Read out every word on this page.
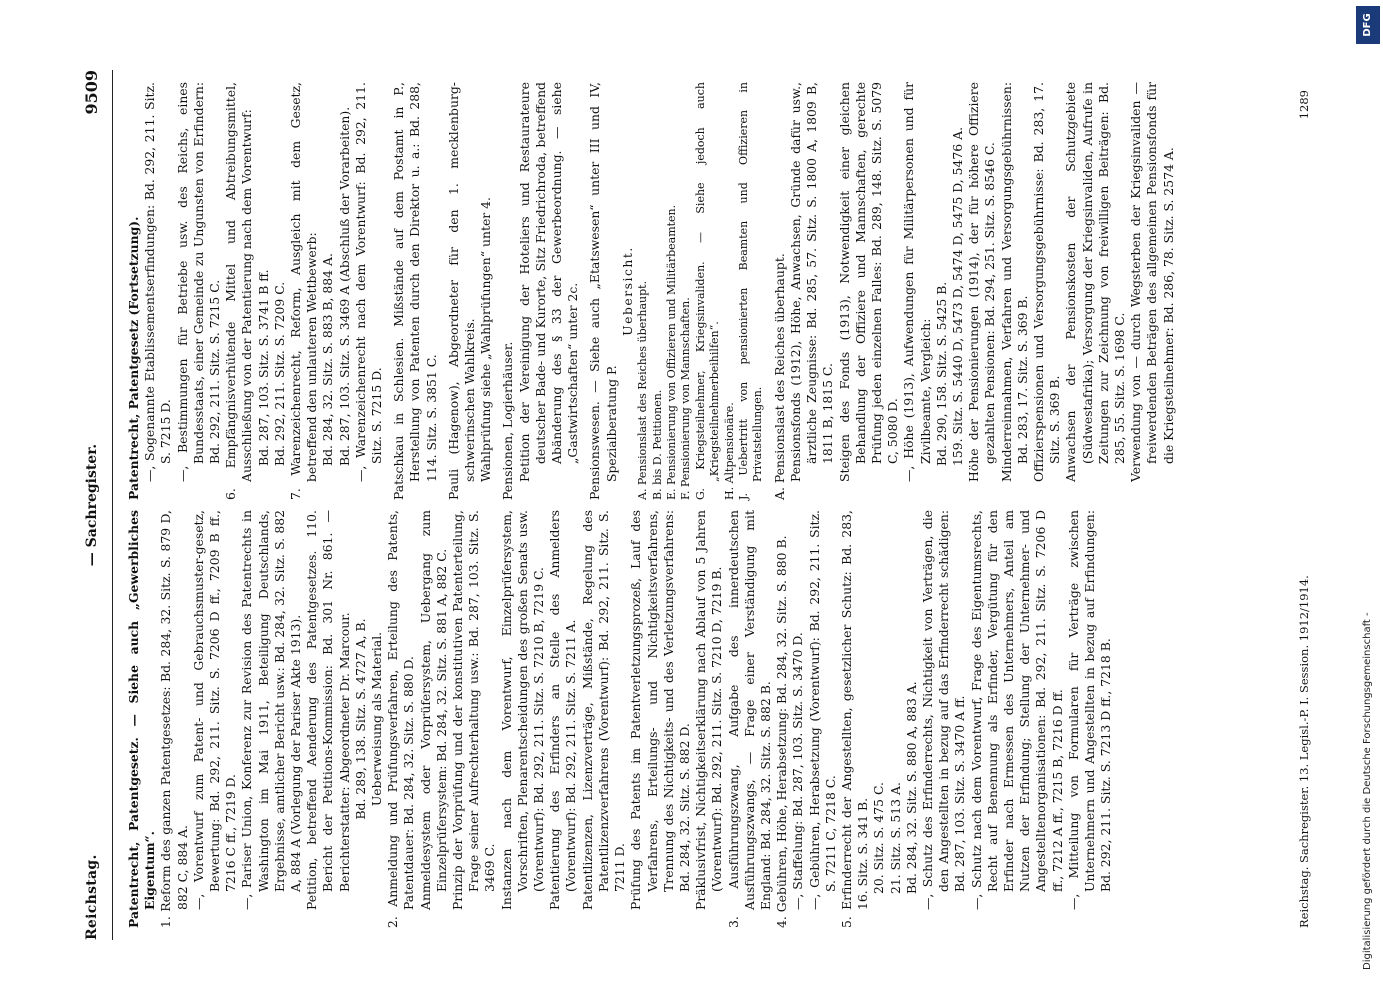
Reichstag.
— Sachregister.
9509

Patentrecht, Patentgesetz. — Siehe auch „Gewerbliches Eigentum“. 1. Reform des ganzen Patentgesetzes: Bd. 284, 32. Sitz. S. 879 D, 882 C, 884 A. —, Vorentwurf zum Patent- und Gebrauchsmuster-gesetz, Bewertung: Bd. 292, 211. Sitz. S. 7206 D ff., 7209 B ff., 7216 C ff., 7219 D. —, Pariser Union, Konferenz zur Revision des Patentrechts in Washington im Mai 1911, Beteiligung Deutschlands, Ergebnisse, amtlicher Bericht usw.: Bd. 284, 32. Sitz. S. 882 A, 884 A (Vorlegung der Pariser Akte 1913). Petition, betreffend Aenderung des Patentgesetzes. 110. Bericht der Petitions-Kommission: Bd. 301 Nr. 861. — Berichterstatter: Abgeordneter Dr. Marcour. Bd. 289, 138. Sitz. S. 4727 A, B. Ueberweisung als Material. 2. Anmeldung und Prüfungsverfahren, Erteilung des Patents, Patentdauer: Bd. 284, 32. Sitz. S. 880 D. Anmeldesystem oder Vorprüfersystem, Uebergang zum Einzelprüfersystem: Bd. 284, 32. Sitz. S. 881 A, 882 C. Prinzip der Vorprüfung und der konstitutiven Patenterteilung, Frage seiner Aufrechterhaltung usw.: Bd. 287, 103. Sitz. S. 3469 C. Instanzen nach dem Vorentwurf, Einzelprüfersystem, Vorschriften, Plenarentscheidungen des großen Senats usw. (Vorentwurf): Bd. 292, 211. Sitz. S. 7210 B, 7219 C. Patentierung des Erfinders an Stelle des Anmelders (Vorentwurf): Bd. 292, 211. Sitz. S. 7211 A. Patentlizenzen, Lizenzverträge, Mißstände, Regelung des Patentlizenzverfahrens (Vorentwurf): Bd. 292, 211. Sitz. S. 7211 D. Prüfung des Patents im Patentverletzungsprozeß, Lauf des Verfahrens, Erteilungs- und Nichtigkeitsverfahrens, Trennung des Nichtigkeits- und des Verletzungsverfahrens: Bd. 284, 32. Sitz. S. 882 D. Präklusivfrist, Nichtigkeitserklärung nach Ablauf von 5 Jahren (Vorentwurf): Bd. 292, 211. Sitz. S. 7210 D, 7219 B. 3. Ausführungszwang, Aufgabe des innerdeutschen Ausführungszwangs, — Frage einer Verständigung mit England: Bd. 284, 32. Sitz. S. 882 B. 4. Gebühren, Höhe, Herabsetzung: Bd. 284, 32. Sitz. S. 880 B. —, Staffelung: Bd. 287, 103. Sitz. S. 3470 D. —, Gebühren, Herabsetzung (Vorentwurf): Bd. 292, 211. Sitz. S. 7211 C, 7218 C. 5. Erfinderrecht der Angestellten, gesetzlicher Schutz: Bd. 283, 16. Sitz. S. 341 B. 20. Sitz. S. 475 C. 21. Sitz. S. 513 A. Bd. 284, 32. Sitz. S. 880 A, 883 A. —, Schutz des Erfinderrechts, Nichtigkeit von Verträgen, die den Angestellten in bezug auf das Erfinderrecht schädigen: Bd. 287, 103. Sitz. S. 3470 A ff. —, Schutz nach dem Vorentwurf, Frage des Eigentumsrechts, Recht auf Benennung als Erfinder, Vergütung für den Erfinder nach Ermessen des Unternehmers, Anteil am Nutzen der Erfindung; Stellung der Unternehmer- und Angestelltenorganisationen: Bd. 292, 211. Sitz. S. 7206 D ff., 7212 A ff., 7215 B, 7216 D ff. —, Mitteilung von Formularen für Verträge zwischen Unternehmern und Angestellten in bezug auf Erfindungen: Bd. 292, 211. Sitz. S. 7213 D ff., 7218 B.

Patentrecht, Patentgesetz (Fortsetzung). —, Sogenannte Etablissementserfindungen: Bd. 292, 211. Sitz. S. 7215 D. —, Bestimmungen für Betriebe usw. des Reichs, eines Bundesstaats, einer Gemeinde zu Ungunsten von Erfindern: Bd. 292, 211. Sitz. S. 7215 C. 6. Empfängnisverhütende Mittel und Abtreibungsmittel, Ausschließung von der Patentierung nach dem Vorentwurf: Bd. 287, 103. Sitz. S. 3741 B ff. Bd. 292, 211. Sitz. S. 7209 C. 7. Warenzeichenrecht, Reform, Ausgleich mit dem Gesetz, betreffend den unlauteren Wettbewerb: Bd. 284, 32. Sitz. S. 883 B, 884 A. Bd. 287, 103. Sitz. S. 3469 A (Abschluß der Vorarbeiten). —, Warenzeichenrecht nach dem Vorentwurf: Bd. 292, 211. Sitz. S. 7215 D. Patschkau in Schlesien. Mißstände auf dem Postamt in P., Herstellung von Patenten durch den Direktor u. a.: Bd. 288, 114. Sitz. S. 3851 C. Pauli (Hagenow), Abgeordneter für den 1. mecklenburg-schwerinschen Wahlkreis. Wahlprüfung siehe „Wahlprüfungen“ unter 4. Pensionen, Logierhäuser. Petition der Vereinigung der Hoteliers und Restaurateure deutscher Bade- und Kurorte, Sitz Friedrichroda, betreffend Abänderung des § 33 der Gewerbeordnung. — siehe „Gastwirtschaften“ unter 2c. Pensionswesen. — Siehe auch „Etatswesen“ unter III und IV, Spezialberatung P.

Uebersicht. A. Pensionslast des Reiches überhaupt. B. bis D. Petitionen. E. Pensionierung von Offizieren und Militärbeamten. F. Pensionierung von Mannschaften. G. Kriegsteilnehmer, Kriegsinvaliden. — Siehe jedoch auch „Kriegsteilnehmerbeihilfen“. H. Altpensionäre. J. Uebertritt von pensionierten Beamten und Offizieren in Privatstellungen. A. Pensionslast des Reiches überhaupt. Pensionsfonds (1912), Höhe, Anwachsen, Gründe dafür usw., ärztliche Zeugnisse: Bd. 285, 57. Sitz. S. 1800 A, 1809 B, 1811 B, 1815 C. Steigen des Fonds (1913), Notwendigkeit einer gleichen Behandlung der Offiziere und Mannschaften, gerechte Prüfung jeden einzelnen Falles: Bd. 289, 148. Sitz. S. 5079 C, 5080 D. —, Höhe (1913), Aufwendungen für Militärpersonen und für Zivilbeamte, Vergleich: Bd. 290, 158. Sitz. S. 5425 B. 159. Sitz. S. 5440 D, 5473 D, 5474 D, 5475 D, 5476 A. Höhe der Pensionierungen (1914), der für höhere Offiziere gezahlten Pensionen: Bd. 294, 251. Sitz. S. 8546 C. Minderreinnahmen, Verfahren und Versorgungsgebührnissen: Bd. 283, 17. Sitz. S. 369 B. Offizierspensionen und Versorgungsgebührnisse: Bd. 283, 17. Sitz. S. 369 B. Anwachsen der Pensionskosten der Schutzgebiete (Südwestafrika); Versorgung der Kriegsinvaliden, Aufrufe in Zeitungen zur Zeichnung von freiwilligen Beiträgen: Bd. 285, 55. Sitz. S. 1698 C. Verwendung von — durch Wegsterben der Kriegsinvaliden — freiwerdenden Beträgen des allgemeinen Pensionsfonds für die Kriegsteilnehmer: Bd. 286, 78. Sitz. S. 2574 A.

Reichstag. Sachregister. 13. Legisl.-P. I. Session. 1912/1914.
1289
Digitalisierung gefördert durch die Deutsche Forschungsgemeinschaft -
DFG
